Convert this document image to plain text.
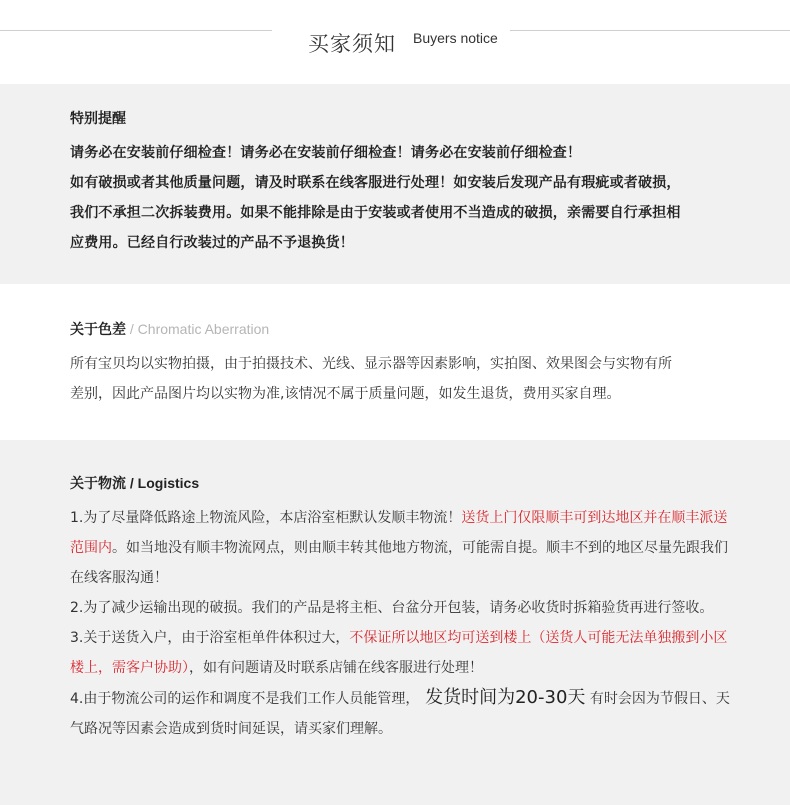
买家须知 Buyers notice
特别提醒
请务必在安装前仔细检查！请务必在安装前仔细检查！请务必在安装前仔细检查！
如有破损或者其他质量问题，请及时联系在线客服进行处理！如安装后发现产品有瑕疵或者破损，
我们不承担二次拆装费用。如果不能排除是由于安装或者使用不当造成的破损，亲需要自行承担相
应费用。已经自行改装过的产品不予退换货！
关于色差 / Chromatic Aberration
所有宝贝均以实物拍摄，由于拍摄技术、光线、显示器等因素影响，实拍图、效果图会与实物有所
差别，因此产品图片均以实物为准,该情况不属于质量问题，如发生退货，费用买家自理。
关于物流 / Logistics
1.为了尽量降低路途上物流风险，本店浴室柜默认发顺丰物流！送货上门仅限顺丰可到达地区并在顺丰派送范围内。如当地没有顺丰物流网点，则由顺丰转其他地方物流，可能需自提。顺丰不到的地区尽量先跟我们在线客服沟通！
2.为了减少运输出现的破损。我们的产品是将主柜、台盆分开包装，请务必收货时拆箱验货再进行签收。
3.关于送货入户，由于浴室柜单件体积过大，不保证所以地区均可送到楼上（送货人可能无法单独搬到小区楼上，需客户协助），如有问题请及时联系店铺在线客服进行处理！
4.由于物流公司的运作和调度不是我们工作人员能管理， 发货时间为20-30天 有时会因为节假日、天气路况等因素会造成到货时间延误，请买家们理解。
